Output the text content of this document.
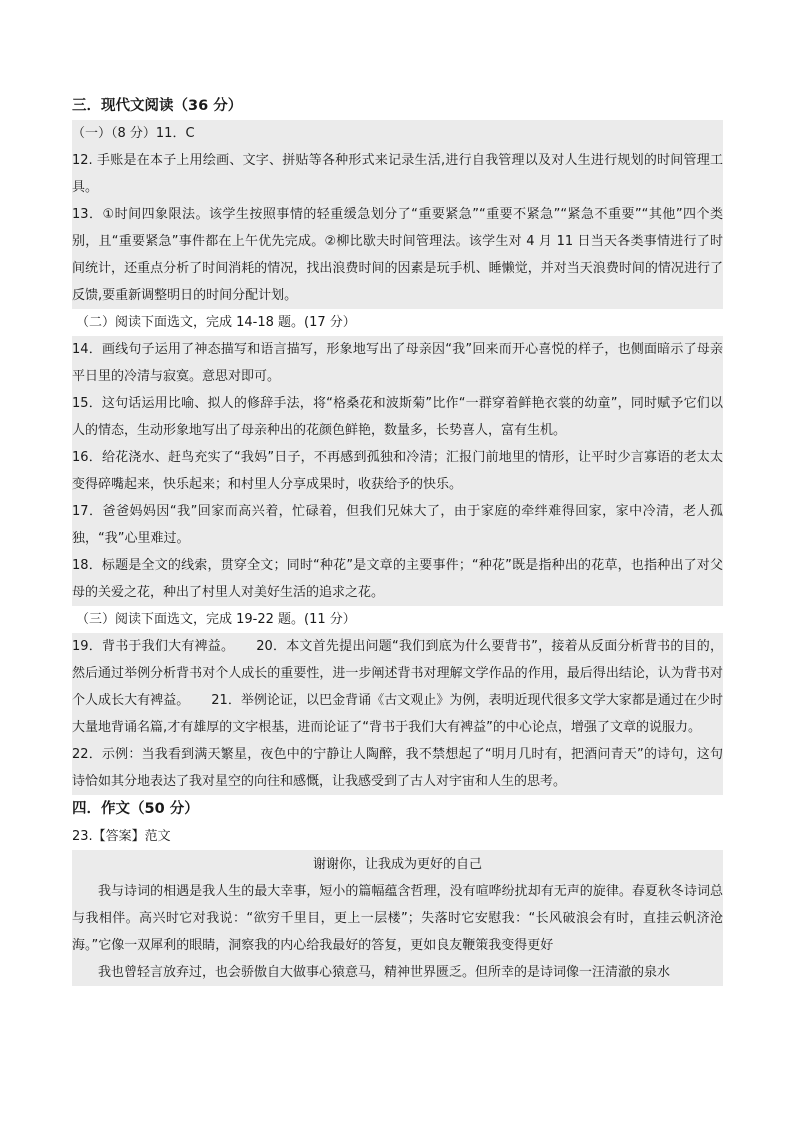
三．现代文阅读（36 分）

（一）（8 分）11．C

12. 手账是在本子上用绘画、文字、拼贴等各种形式来记录生活,进行自我管理以及对人生进行规划的时间管理工具。

13．①时间四象限法。该学生按照事情的轻重缓急划分了“重要紧急”“重要不紧急”“紧急不重要”“其他”四个类别，且“重要紧急”事件都在上午优先完成。②柳比歇夫时间管理法。该学生对 4 月 11 日当天各类事情进行了时间统计，还重点分析了时间消耗的情况，找出浪费时间的因素是玩手机、睡懒觉，并对当天浪费时间的情况进行了反馈,要重新调整明日的时间分配计划。

（二）阅读下面选文，完成 14-18 题。(17 分）

14．画线句子运用了神态描写和语言描写，形象地写出了母亲因“我”回来而开心喜悦的样子，也侧面暗示了母亲平日里的冷清与寂寞。意思对即可。

15．这句话运用比喻、拟人的修辞手法，将“格桑花和波斯菊”比作“一群穿着鲜艳衣裳的幼童”，同时赋予它们以人的情态，生动形象地写出了母亲种出的花颜色鲜艳，数量多，长势喜人，富有生机。

16．给花浇水、赶鸟充实了“我妈”日子，不再感到孤独和冷清；汇报门前地里的情形，让平时少言寡语的老太太变得碎嘴起来，快乐起来；和村里人分享成果时，收获给予的快乐。

17．爸爸妈妈因“我”回家而高兴着，忙碌着，但我们兄妹大了，由于家庭的牵绊难得回家，家中冷清，老人孤独，“我”心里难过。

18．标题是全文的线索，贯穿全文；同时“种花”是文章的主要事件；“种花”既是指种出的花草，也指种出了对父母的关爱之花，种出了村里人对美好生活的追求之花。

（三）阅读下面选文，完成 19-22 题。(11 分）

19．背书于我们大有裨益。 20．本文首先提出问题“我们到底为什么要背书”，接着从反面分析背书的目的，然后通过举例分析背书对个人成长的重要性，进一步阐述背书对理解文学作品的作用，最后得出结论，认为背书对个人成长大有裨益。 21．举例论证，以巴金背诵《古文观止》为例，表明近现代很多文学大家都是通过在少时大量地背诵名篇,才有雄厚的文字根基，进而论证了“背书于我们大有裨益”的中心论点，增强了文章的说服力。22．示例：当我看到满天繁星，夜色中的宁静让人陶醉，我不禁想起了“明月几时有，把酒问青天”的诗句，这句诗恰如其分地表达了我对星空的向往和感慨，让我感受到了古人对宇宙和人生的思考。

四．作文（50 分）

23.【答案】范文

谢谢你，让我成为更好的自己

我与诗词的相遇是我人生的最大幸事，短小的篇幅蕴含哲理，没有喧哗纷扰却有无声的旋律。春夏秋冬诗词总与我相伴。高兴时它对我说：“欲穷千里目，更上一层楼”；失落时它安慰我：“长风破浪会有时，直挂云帆济沧海。”它像一双犀利的眼睛，洞察我的内心给我最好的答复，更如良友鞭策我变得更好

我也曾轻言放弃过，也会骄傲自大做事心猿意马，精神世界匮乏。但所幸的是诗词像一汪清澈的泉水
